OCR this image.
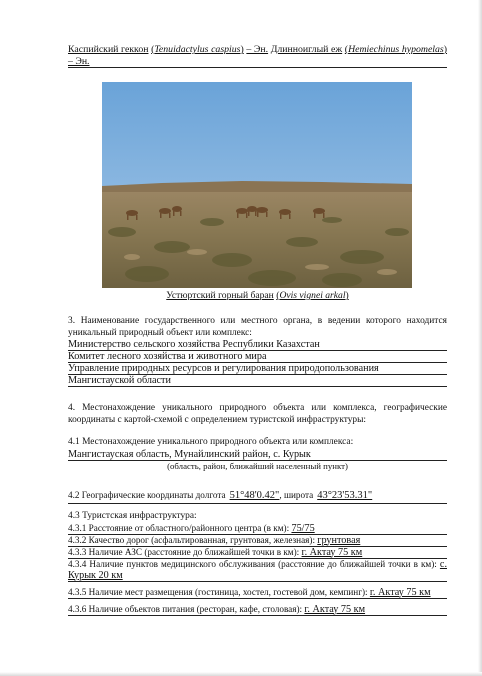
Каспийский геккон (Tenuidactylus caspius) – Эн. Длинноиглый еж (Hemiechinus hypomelas) – Эн.

Устюртский горный баран (Ovis vignei arkal)

3. Наименование государственного или местного органа, в ведении которого находится уникальный природный объект или комплекс:

Министерство сельского хозяйства Республики Казахстан
Комитет лесного хозяйства и животного мира
Управление природных ресурсов и регулирования природопользования
Мангистауской области

4. Местонахождение уникального природного объекта или комплекса, географические координаты с картой-схемой с определением туристской инфраструктуры:

4.1 Местонахождение уникального природного объекта или комплекса:

Мангистауская область, Мунайлинский район, с. Курык
(область, район, ближайший населенный пункт)
4.2 Географические координаты долгота 51°48'0.42", широта 43°23'53.31"

4.3 Туристская инфраструктура:

4.3.1 Расстояние от областного/районного центра (в км): 75/75
4.3.2 Качество дорог (асфальтированная, грунтовая, железная): грунтовая
4.3.3 Наличие АЗС (расстояние до ближайшей точки в км): г. Актау 75 км
4.3.4 Наличие пунктов медицинского обслуживания (расстояние до ближайшей точки в км): с. Курык 20 км
4.3.5 Наличие мест размещения (гостиница, хостел, гостевой дом, кемпинг): г. Актау 75 км
4.3.6 Наличие объектов питания (ресторан, кафе, столовая): г. Актау 75 км
